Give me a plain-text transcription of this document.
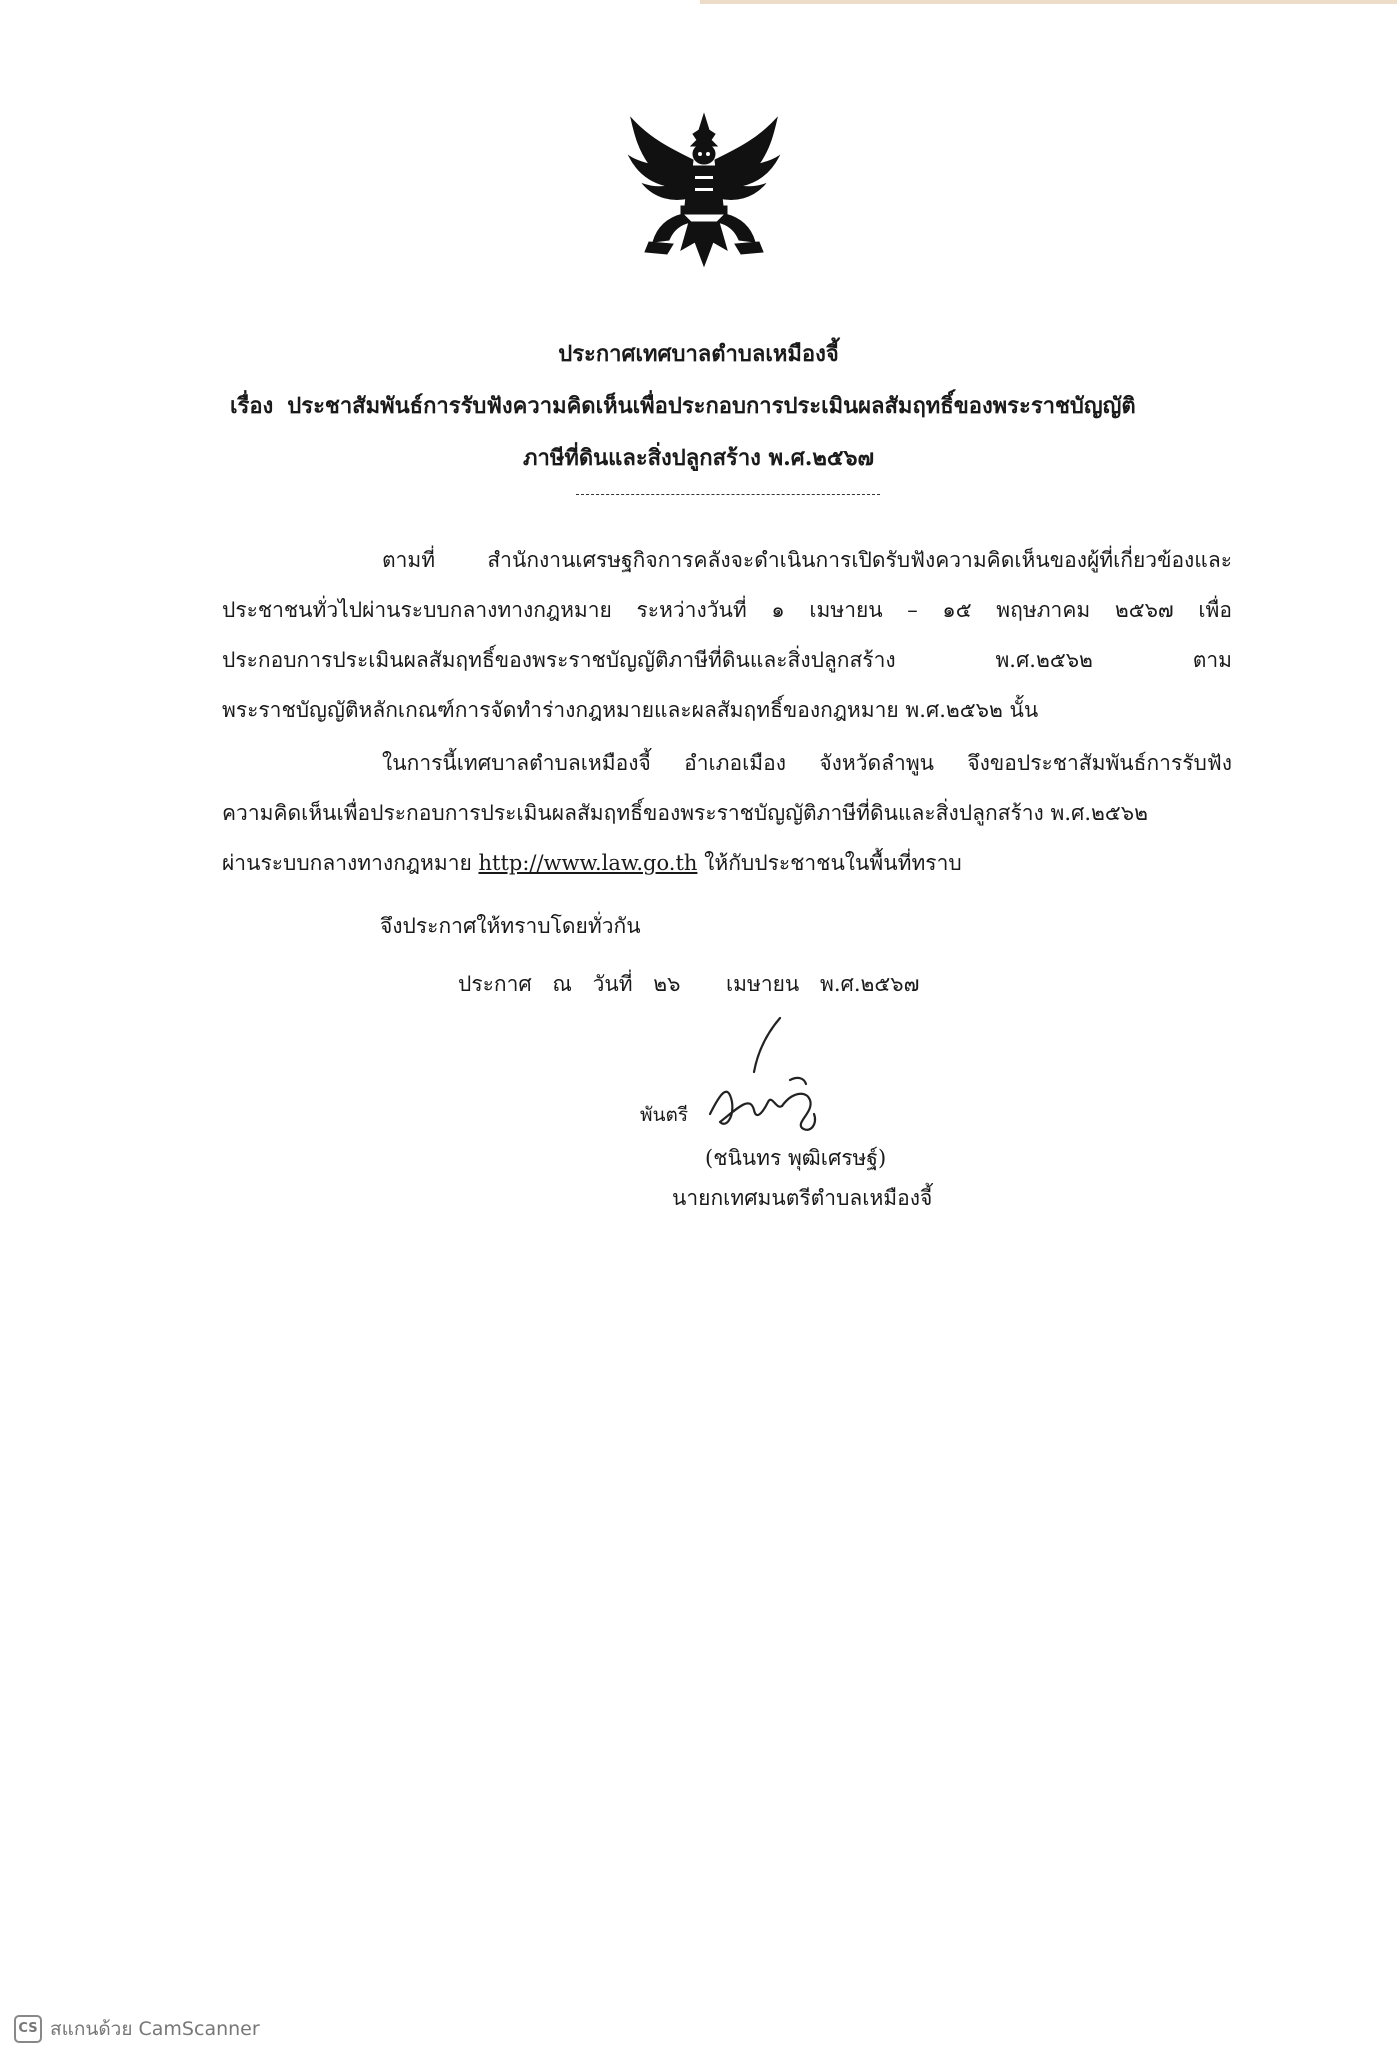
ประกาศเทศบาลตำบลเหมืองจี้
เรื่อง ประชาสัมพันธ์การรับฟังความคิดเห็นเพื่อประกอบการประเมินผลสัมฤทธิ์ของพระราชบัญญัติ
ภาษีที่ดินและสิ่งปลูกสร้าง พ.ศ.๒๕๖๗
ตามที่ สำนักงานเศรษฐกิจการคลังจะดำเนินการเปิดรับฟังความคิดเห็นของผู้ที่เกี่ยวข้องและ
ประชาชนทั่วไปผ่านระบบกลางทางกฎหมาย ระหว่างวันที่ ๑ เมษายน – ๑๕ พฤษภาคม ๒๕๖๗ เพื่อ
ประกอบการประเมินผลสัมฤทธิ์ของพระราชบัญญัติภาษีที่ดินและสิ่งปลูกสร้าง พ.ศ.๒๕๖๒ ตาม
พระราชบัญญัติหลักเกณฑ์การจัดทำร่างกฎหมายและผลสัมฤทธิ์ของกฎหมาย พ.ศ.๒๕๖๒ นั้น
ในการนี้เทศบาลตำบลเหมืองจี้ อำเภอเมือง จังหวัดลำพูน จึงขอประชาสัมพันธ์การรับฟัง
ความคิดเห็นเพื่อประกอบการประเมินผลสัมฤทธิ์ของพระราชบัญญัติภาษีที่ดินและสิ่งปลูกสร้าง พ.ศ.๒๕๖๒
ผ่านระบบกลางทางกฎหมาย http://www.law.go.th ให้กับประชาชนในพื้นที่ทราบ
จึงประกาศให้ทราบโดยทั่วกัน
ประกาศ ณ วันที่ ๒๖ เมษายน พ.ศ.๒๕๖๗
พันตรี
(ชนินทร พุฒิเศรษฐ์)
นายกเทศมนตรีตำบลเหมืองจี้
CS สแกนด้วย CamScanner
